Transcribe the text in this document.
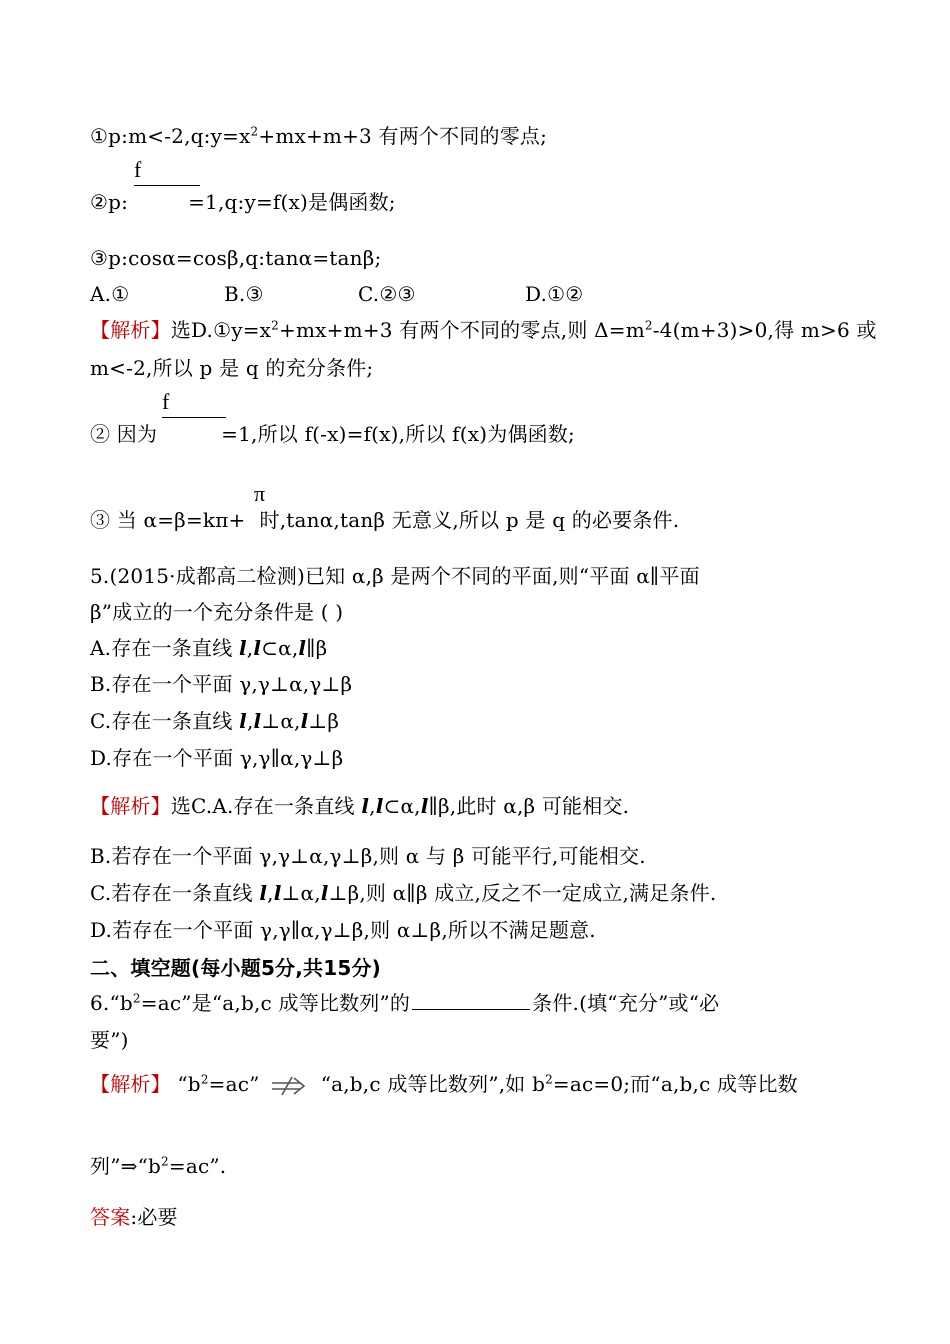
$①p:m<-2,q:y=x^2+mx+m+3$ 有两个不同的零点;
f
②p:	=1,q:y=f(x)是偶函数;
③p:cosα=cosβ,q:tanα=tanβ;
A.①	B.③	C.②③	D.①②
【解析】选$D.①y=x^2+mx+m+3$ 有两个不同的零点,则 $\Delta=m^2-4(m+3)>0$,得 m>6 或
m<-2,所以 p 是 q 的充分条件;
f
② 因为	=1,所以 f(-x)=f(x),所以 f(x)为偶函数;
π
③ 当 α=β=kπ+ 时,tanα,tanβ 无意义,所以 p 是 q 的必要条件.
5.(2015·成都高二检测)已知 α,β 是两个不同的平面,则“平面 α∥平面
β”成立的一个充分条件是 ( )
A.存在一条直线 l,l⊂α,l∥β
B.存在一个平面 γ,γ⊥α,γ⊥β
C.存在一条直线 l,l⊥α,l⊥β
D.存在一个平面 γ,γ∥α,γ⊥β
【解析】选C.A.存在一条直线 l,l⊂α,l∥β,此时 α,β 可能相交.
B.若存在一个平面 γ,γ⊥α,γ⊥β,则 α 与 β 可能平行,可能相交.
C.若存在一条直线 l,l⊥α,l⊥β,则 α∥β 成立,反之不一定成立,满足条件.
D.若存在一个平面 γ,γ∥α,γ⊥β,则 α⊥β,所以不满足题意.
二、填空题(每小题5分,共15分)
$6.“b^2=ac$”是“a,b,c 成等比数列”的	条件.(填“充分”或“必
要”)
【解析】 “$b^2=ac$”	“a,b,c 成等比数列”,如 $b^2=ac=0$;而“a,b,c 成等比数
列$”\Rightarrow“b^2=ac$”.
答案:必要
